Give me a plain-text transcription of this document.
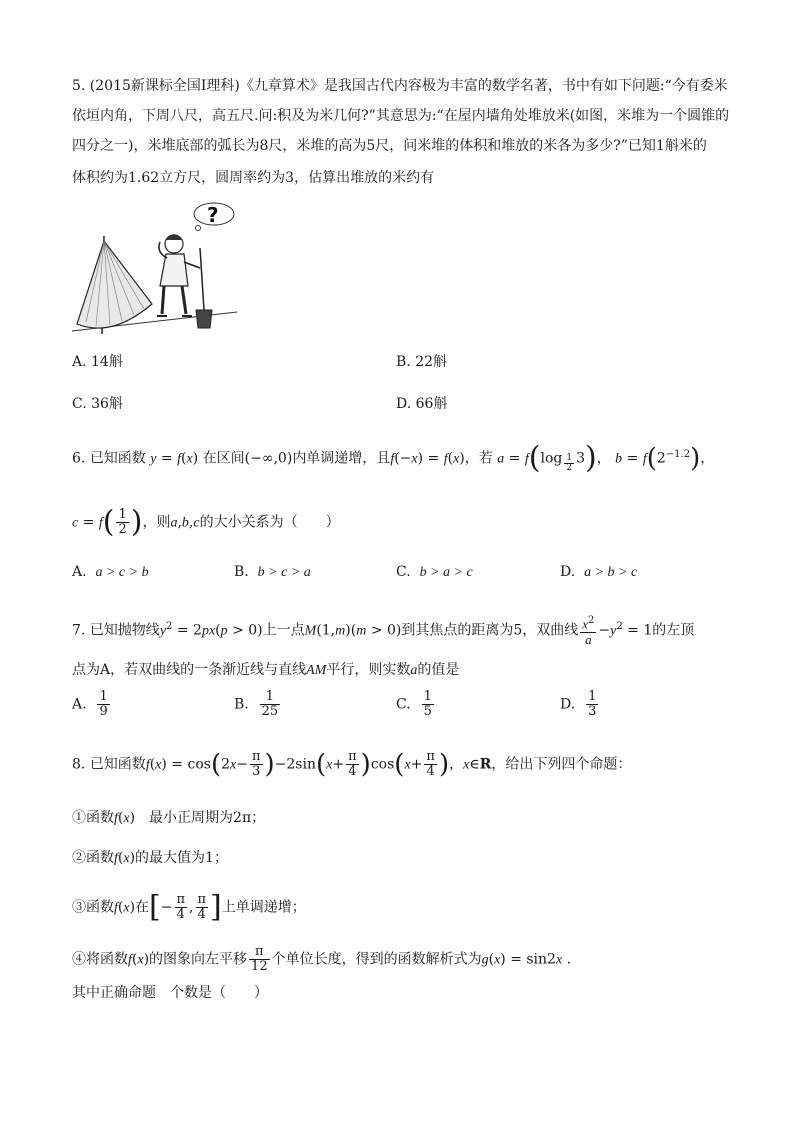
5. (2015新课标全国I理科)《九章算术》是我国古代内容极为丰富的数学名著，书中有如下问题:“今有委米
依垣内角，下周八尺，高五尺.问:积及为米几何?”其意思为:“在屋内墙角处堆放米(如图，米堆为一个圆锥的
四分之一)，米堆底部的弧长为8尺，米堆的高为5尺，问米堆的体积和堆放的米各为多少?”已知1斛米的
体积约为1.62立方尺，圆周率约为3，估算出堆放的米约有
?
A. 14斛	B. 22斛
C. 36斛	D. 66斛
6. 已知函数 y = f(x) 在区间(−∞,0)内单调递增，且f(−x) = f(x)，若 a = f(log $_{\frac{1}{2}}$ 3)， $b = f(2^{-1.2})$，
$c = f( \frac{1}{2}$ )，则a,b,c的大小关系为（　　）
A. a > c > b	B. b > c > a	C. b > a > c	D. a > b > c
7. 已知抛物线$y^2 = 2px(p > 0)$上一点M(1,m)(m > 0)到其焦点的距离为5，双曲线 $\frac{x^2}{a} -y^2 = 1$的左顶
点为A，若双曲线的一条渐近线与直线AM平行，则实数a的值是
A. $\frac{1}{9}$	B. $\frac{1}{25}$	C. $\frac{1}{5}$	D. $\frac{1}{3}$
8. 已知函数$f(x) = \cos(2x- \frac{\pi}{3} )-2\sin(x+ \frac{\pi}{4} )\cos(x+ \frac{\pi}{4}$ )，x∈R，给出下列四个命题：
①函数f(x)　最小正周期为2π；
②函数f(x)的最大值为1；
③函数f(x)在[− $\frac{\pi}{4}$ , $\frac{\pi}{4}$ ]上单调递增；
④将函数f(x)的图象向左平移 $\frac{\pi}{12}$ 个单位长度，得到的函数解析式为g(x) = sin2x .
其中正确命题　个数是（　　）
